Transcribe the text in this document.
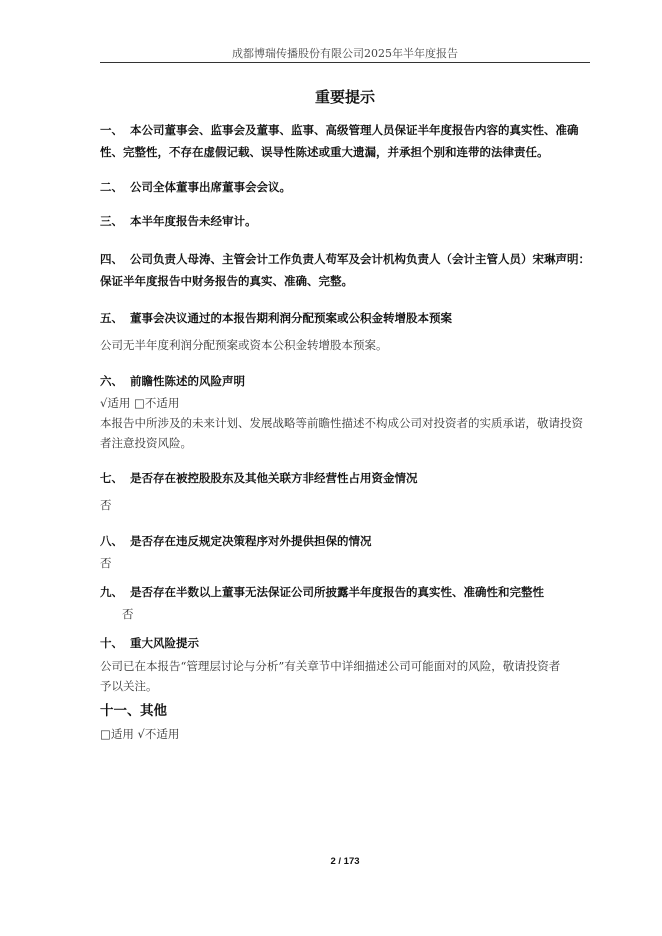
成都博瑞传播股份有限公司2025年半年度报告
重要提示
一、 本公司董事会、监事会及董事、监事、高级管理人员保证半年度报告内容的真实性、准确性、完整性，不存在虚假记载、误导性陈述或重大遗漏，并承担个别和连带的法律责任。
二、 公司全体董事出席董事会会议。
三、 本半年度报告未经审计。
四、 公司负责人母涛、主管会计工作负责人苟军及会计机构负责人（会计主管人员）宋琳声明：保证半年度报告中财务报告的真实、准确、完整。
五、 董事会决议通过的本报告期利润分配预案或公积金转增股本预案
公司无半年度利润分配预案或资本公积金转增股本预案。
六、 前瞻性陈述的风险声明
√适用 □不适用
本报告中所涉及的未来计划、发展战略等前瞻性描述不构成公司对投资者的实质承诺，敬请投资者注意投资风险。
七、 是否存在被控股股东及其他关联方非经营性占用资金情况
否
八、 是否存在违反规定决策程序对外提供担保的情况
否
九、 是否存在半数以上董事无法保证公司所披露半年度报告的真实性、准确性和完整性
否
十、 重大风险提示
公司已在本报告“管理层讨论与分析”有关章节中详细描述公司可能面对的风险，敬请投资者予以关注。
十一、其他
□适用 √不适用
2 / 173
